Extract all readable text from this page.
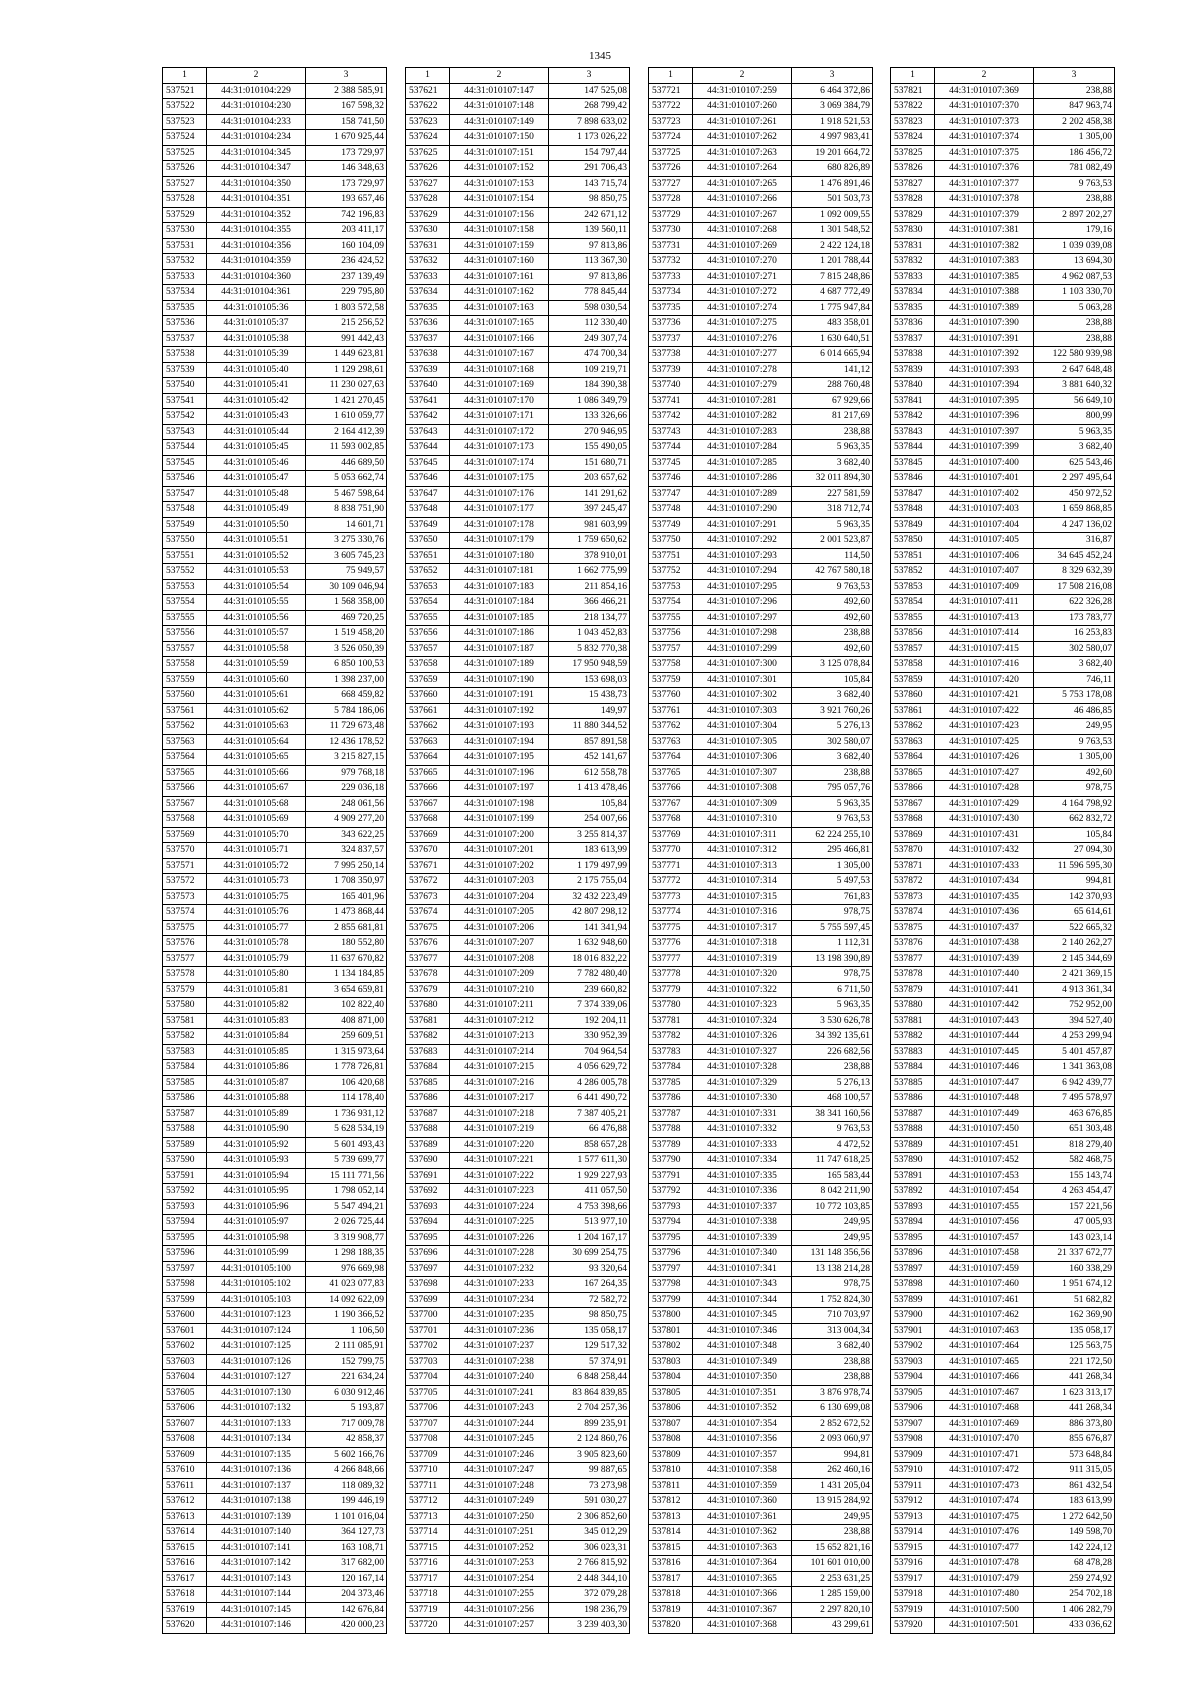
1345
1	2	3
537521	44:31:010104:229	2 388 585,91
537522	44:31:010104:230	167 598,32
537523	44:31:010104:233	158 741,50
537524	44:31:010104:234	1 670 925,44
537525	44:31:010104:345	173 729,97
537526	44:31:010104:347	146 348,63
537527	44:31:010104:350	173 729,97
537528	44:31:010104:351	193 657,46
537529	44:31:010104:352	742 196,83
537530	44:31:010104:355	203 411,17
537531	44:31:010104:356	160 104,09
537532	44:31:010104:359	236 424,52
537533	44:31:010104:360	237 139,49
537534	44:31:010104:361	229 795,80
537535	44:31:010105:36	1 803 572,58
537536	44:31:010105:37	215 256,52
537537	44:31:010105:38	991 442,43
537538	44:31:010105:39	1 449 623,81
537539	44:31:010105:40	1 129 298,61
537540	44:31:010105:41	11 230 027,63
537541	44:31:010105:42	1 421 270,45
537542	44:31:010105:43	1 610 059,77
537543	44:31:010105:44	2 164 412,39
537544	44:31:010105:45	11 593 002,85
537545	44:31:010105:46	446 689,50
537546	44:31:010105:47	5 053 662,74
537547	44:31:010105:48	5 467 598,64
537548	44:31:010105:49	8 838 751,90
537549	44:31:010105:50	14 601,71
537550	44:31:010105:51	3 275 330,76
537551	44:31:010105:52	3 605 745,23
537552	44:31:010105:53	75 949,57
537553	44:31:010105:54	30 109 046,94
537554	44:31:010105:55	1 568 358,00
537555	44:31:010105:56	469 720,25
537556	44:31:010105:57	1 519 458,20
537557	44:31:010105:58	3 526 050,39
537558	44:31:010105:59	6 850 100,53
537559	44:31:010105:60	1 398 237,00
537560	44:31:010105:61	668 459,82
537561	44:31:010105:62	5 784 186,06
537562	44:31:010105:63	11 729 673,48
537563	44:31:010105:64	12 436 178,52
537564	44:31:010105:65	3 215 827,15
537565	44:31:010105:66	979 768,18
537566	44:31:010105:67	229 036,18
537567	44:31:010105:68	248 061,56
537568	44:31:010105:69	4 909 277,20
537569	44:31:010105:70	343 622,25
537570	44:31:010105:71	324 837,57
537571	44:31:010105:72	7 995 250,14
537572	44:31:010105:73	1 708 350,97
537573	44:31:010105:75	165 401,96
537574	44:31:010105:76	1 473 868,44
537575	44:31:010105:77	2 855 681,81
537576	44:31:010105:78	180 552,80
537577	44:31:010105:79	11 637 670,82
537578	44:31:010105:80	1 134 184,85
537579	44:31:010105:81	3 654 659,81
537580	44:31:010105:82	102 822,40
537581	44:31:010105:83	408 871,00
537582	44:31:010105:84	259 609,51
537583	44:31:010105:85	1 315 973,64
537584	44:31:010105:86	1 778 726,81
537585	44:31:010105:87	106 420,68
537586	44:31:010105:88	114 178,40
537587	44:31:010105:89	1 736 931,12
537588	44:31:010105:90	5 628 534,19
537589	44:31:010105:92	5 601 493,43
537590	44:31:010105:93	5 739 699,77
537591	44:31:010105:94	15 111 771,56
537592	44:31:010105:95	1 798 052,14
537593	44:31:010105:96	5 547 494,21
537594	44:31:010105:97	2 026 725,44
537595	44:31:010105:98	3 319 908,77
537596	44:31:010105:99	1 298 188,35
537597	44:31:010105:100	976 669,98
537598	44:31:010105:102	41 023 077,83
537599	44:31:010105:103	14 092 622,09
537600	44:31:010107:123	1 190 366,52
537601	44:31:010107:124	1 106,50
537602	44:31:010107:125	2 111 085,91
537603	44:31:010107:126	152 799,75
537604	44:31:010107:127	221 634,24
537605	44:31:010107:130	6 030 912,46
537606	44:31:010107:132	5 193,87
537607	44:31:010107:133	717 009,78
537608	44:31:010107:134	42 858,37
537609	44:31:010107:135	5 602 166,76
537610	44:31:010107:136	4 266 848,66
537611	44:31:010107:137	118 089,32
537612	44:31:010107:138	199 446,19
537613	44:31:010107:139	1 101 016,04
537614	44:31:010107:140	364 127,73
537615	44:31:010107:141	163 108,71
537616	44:31:010107:142	317 682,00
537617	44:31:010107:143	120 167,14
537618	44:31:010107:144	204 373,46
537619	44:31:010107:145	142 676,84
537620	44:31:010107:146	420 000,23
1	2	3
537621	44:31:010107:147	147 525,08
537622	44:31:010107:148	268 799,42
537623	44:31:010107:149	7 898 633,02
537624	44:31:010107:150	1 173 026,22
537625	44:31:010107:151	154 797,44
537626	44:31:010107:152	291 706,43
537627	44:31:010107:153	143 715,74
537628	44:31:010107:154	98 850,75
537629	44:31:010107:156	242 671,12
537630	44:31:010107:158	139 560,11
537631	44:31:010107:159	97 813,86
537632	44:31:010107:160	113 367,30
537633	44:31:010107:161	97 813,86
537634	44:31:010107:162	778 845,44
537635	44:31:010107:163	598 030,54
537636	44:31:010107:165	112 330,40
537637	44:31:010107:166	249 307,74
537638	44:31:010107:167	474 700,34
537639	44:31:010107:168	109 219,71
537640	44:31:010107:169	184 390,38
537641	44:31:010107:170	1 086 349,79
537642	44:31:010107:171	133 326,66
537643	44:31:010107:172	270 946,95
537644	44:31:010107:173	155 490,05
537645	44:31:010107:174	151 680,71
537646	44:31:010107:175	203 657,62
537647	44:31:010107:176	141 291,62
537648	44:31:010107:177	397 245,47
537649	44:31:010107:178	981 603,99
537650	44:31:010107:179	1 759 650,62
537651	44:31:010107:180	378 910,01
537652	44:31:010107:181	1 662 775,99
537653	44:31:010107:183	211 854,16
537654	44:31:010107:184	366 466,21
537655	44:31:010107:185	218 134,77
537656	44:31:010107:186	1 043 452,83
537657	44:31:010107:187	5 832 770,38
537658	44:31:010107:189	17 950 948,59
537659	44:31:010107:190	153 698,03
537660	44:31:010107:191	15 438,73
537661	44:31:010107:192	149,97
537662	44:31:010107:193	11 880 344,52
537663	44:31:010107:194	857 891,58
537664	44:31:010107:195	452 141,67
537665	44:31:010107:196	612 558,78
537666	44:31:010107:197	1 413 478,46
537667	44:31:010107:198	105,84
537668	44:31:010107:199	254 007,66
537669	44:31:010107:200	3 255 814,37
537670	44:31:010107:201	183 613,99
537671	44:31:010107:202	1 179 497,99
537672	44:31:010107:203	2 175 755,04
537673	44:31:010107:204	32 432 223,49
537674	44:31:010107:205	42 807 298,12
537675	44:31:010107:206	141 341,94
537676	44:31:010107:207	1 632 948,60
537677	44:31:010107:208	18 016 832,22
537678	44:31:010107:209	7 782 480,40
537679	44:31:010107:210	239 660,82
537680	44:31:010107:211	7 374 339,06
537681	44:31:010107:212	192 204,11
537682	44:31:010107:213	330 952,39
537683	44:31:010107:214	704 964,54
537684	44:31:010107:215	4 056 629,72
537685	44:31:010107:216	4 286 005,78
537686	44:31:010107:217	6 441 490,72
537687	44:31:010107:218	7 387 405,21
537688	44:31:010107:219	66 476,88
537689	44:31:010107:220	858 657,28
537690	44:31:010107:221	1 577 611,30
537691	44:31:010107:222	1 929 227,93
537692	44:31:010107:223	411 057,50
537693	44:31:010107:224	4 753 398,66
537694	44:31:010107:225	513 977,10
537695	44:31:010107:226	1 204 167,17
537696	44:31:010107:228	30 699 254,75
537697	44:31:010107:232	93 320,64
537698	44:31:010107:233	167 264,35
537699	44:31:010107:234	72 582,72
537700	44:31:010107:235	98 850,75
537701	44:31:010107:236	135 058,17
537702	44:31:010107:237	129 517,32
537703	44:31:010107:238	57 374,91
537704	44:31:010107:240	6 848 258,44
537705	44:31:010107:241	83 864 839,85
537706	44:31:010107:243	2 704 257,36
537707	44:31:010107:244	899 235,91
537708	44:31:010107:245	2 124 860,76
537709	44:31:010107:246	3 905 823,60
537710	44:31:010107:247	99 887,65
537711	44:31:010107:248	73 273,98
537712	44:31:010107:249	591 030,27
537713	44:31:010107:250	2 306 852,60
537714	44:31:010107:251	345 012,29
537715	44:31:010107:252	306 023,31
537716	44:31:010107:253	2 766 815,92
537717	44:31:010107:254	2 448 344,10
537718	44:31:010107:255	372 079,28
537719	44:31:010107:256	198 236,79
537720	44:31:010107:257	3 239 403,30
1	2	3
537721	44:31:010107:259	6 464 372,86
537722	44:31:010107:260	3 069 384,79
537723	44:31:010107:261	1 918 521,53
537724	44:31:010107:262	4 997 983,41
537725	44:31:010107:263	19 201 664,72
537726	44:31:010107:264	680 826,89
537727	44:31:010107:265	1 476 891,46
537728	44:31:010107:266	501 503,73
537729	44:31:010107:267	1 092 009,55
537730	44:31:010107:268	1 301 548,52
537731	44:31:010107:269	2 422 124,18
537732	44:31:010107:270	1 201 788,44
537733	44:31:010107:271	7 815 248,86
537734	44:31:010107:272	4 687 772,49
537735	44:31:010107:274	1 775 947,84
537736	44:31:010107:275	483 358,01
537737	44:31:010107:276	1 630 640,51
537738	44:31:010107:277	6 014 665,94
537739	44:31:010107:278	141,12
537740	44:31:010107:279	288 760,48
537741	44:31:010107:281	67 929,66
537742	44:31:010107:282	81 217,69
537743	44:31:010107:283	238,88
537744	44:31:010107:284	5 963,35
537745	44:31:010107:285	3 682,40
537746	44:31:010107:286	32 011 894,30
537747	44:31:010107:289	227 581,59
537748	44:31:010107:290	318 712,74
537749	44:31:010107:291	5 963,35
537750	44:31:010107:292	2 001 523,87
537751	44:31:010107:293	114,50
537752	44:31:010107:294	42 767 580,18
537753	44:31:010107:295	9 763,53
537754	44:31:010107:296	492,60
537755	44:31:010107:297	492,60
537756	44:31:010107:298	238,88
537757	44:31:010107:299	492,60
537758	44:31:010107:300	3 125 078,84
537759	44:31:010107:301	105,84
537760	44:31:010107:302	3 682,40
537761	44:31:010107:303	3 921 760,26
537762	44:31:010107:304	5 276,13
537763	44:31:010107:305	302 580,07
537764	44:31:010107:306	3 682,40
537765	44:31:010107:307	238,88
537766	44:31:010107:308	795 057,76
537767	44:31:010107:309	5 963,35
537768	44:31:010107:310	9 763,53
537769	44:31:010107:311	62 224 255,10
537770	44:31:010107:312	295 466,81
537771	44:31:010107:313	1 305,00
537772	44:31:010107:314	5 497,53
537773	44:31:010107:315	761,83
537774	44:31:010107:316	978,75
537775	44:31:010107:317	5 755 597,45
537776	44:31:010107:318	1 112,31
537777	44:31:010107:319	13 198 390,89
537778	44:31:010107:320	978,75
537779	44:31:010107:322	6 711,50
537780	44:31:010107:323	5 963,35
537781	44:31:010107:324	3 530 626,78
537782	44:31:010107:326	34 392 135,61
537783	44:31:010107:327	226 682,56
537784	44:31:010107:328	238,88
537785	44:31:010107:329	5 276,13
537786	44:31:010107:330	468 100,57
537787	44:31:010107:331	38 341 160,56
537788	44:31:010107:332	9 763,53
537789	44:31:010107:333	4 472,52
537790	44:31:010107:334	11 747 618,25
537791	44:31:010107:335	165 583,44
537792	44:31:010107:336	8 042 211,90
537793	44:31:010107:337	10 772 103,85
537794	44:31:010107:338	249,95
537795	44:31:010107:339	249,95
537796	44:31:010107:340	131 148 356,56
537797	44:31:010107:341	13 138 214,28
537798	44:31:010107:343	978,75
537799	44:31:010107:344	1 752 824,30
537800	44:31:010107:345	710 703,97
537801	44:31:010107:346	313 004,34
537802	44:31:010107:348	3 682,40
537803	44:31:010107:349	238,88
537804	44:31:010107:350	238,88
537805	44:31:010107:351	3 876 978,74
537806	44:31:010107:352	6 130 699,08
537807	44:31:010107:354	2 852 672,52
537808	44:31:010107:356	2 093 060,97
537809	44:31:010107:357	994,81
537810	44:31:010107:358	262 460,16
537811	44:31:010107:359	1 431 205,04
537812	44:31:010107:360	13 915 284,92
537813	44:31:010107:361	249,95
537814	44:31:010107:362	238,88
537815	44:31:010107:363	15 652 821,16
537816	44:31:010107:364	101 601 010,00
537817	44:31:010107:365	2 253 631,25
537818	44:31:010107:366	1 285 159,00
537819	44:31:010107:367	2 297 820,10
537820	44:31:010107:368	43 299,61
1	2	3
537821	44:31:010107:369	238,88
537822	44:31:010107:370	847 963,74
537823	44:31:010107:373	2 202 458,38
537824	44:31:010107:374	1 305,00
537825	44:31:010107:375	186 456,72
537826	44:31:010107:376	781 082,49
537827	44:31:010107:377	9 763,53
537828	44:31:010107:378	238,88
537829	44:31:010107:379	2 897 202,27
537830	44:31:010107:381	179,16
537831	44:31:010107:382	1 039 039,08
537832	44:31:010107:383	13 694,30
537833	44:31:010107:385	4 962 087,53
537834	44:31:010107:388	1 103 330,70
537835	44:31:010107:389	5 063,28
537836	44:31:010107:390	238,88
537837	44:31:010107:391	238,88
537838	44:31:010107:392	122 580 939,98
537839	44:31:010107:393	2 647 648,48
537840	44:31:010107:394	3 881 640,32
537841	44:31:010107:395	56 649,10
537842	44:31:010107:396	800,99
537843	44:31:010107:397	5 963,35
537844	44:31:010107:399	3 682,40
537845	44:31:010107:400	625 543,46
537846	44:31:010107:401	2 297 495,64
537847	44:31:010107:402	450 972,52
537848	44:31:010107:403	1 659 868,85
537849	44:31:010107:404	4 247 136,02
537850	44:31:010107:405	316,87
537851	44:31:010107:406	34 645 452,24
537852	44:31:010107:407	8 329 632,39
537853	44:31:010107:409	17 508 216,08
537854	44:31:010107:411	622 326,28
537855	44:31:010107:413	173 783,77
537856	44:31:010107:414	16 253,83
537857	44:31:010107:415	302 580,07
537858	44:31:010107:416	3 682,40
537859	44:31:010107:420	746,11
537860	44:31:010107:421	5 753 178,08
537861	44:31:010107:422	46 486,85
537862	44:31:010107:423	249,95
537863	44:31:010107:425	9 763,53
537864	44:31:010107:426	1 305,00
537865	44:31:010107:427	492,60
537866	44:31:010107:428	978,75
537867	44:31:010107:429	4 164 798,92
537868	44:31:010107:430	662 832,72
537869	44:31:010107:431	105,84
537870	44:31:010107:432	27 094,30
537871	44:31:010107:433	11 596 595,30
537872	44:31:010107:434	994,81
537873	44:31:010107:435	142 370,93
537874	44:31:010107:436	65 614,61
537875	44:31:010107:437	522 665,32
537876	44:31:010107:438	2 140 262,27
537877	44:31:010107:439	2 145 344,69
537878	44:31:010107:440	2 421 369,15
537879	44:31:010107:441	4 913 361,34
537880	44:31:010107:442	752 952,00
537881	44:31:010107:443	394 527,40
537882	44:31:010107:444	4 253 299,94
537883	44:31:010107:445	5 401 457,87
537884	44:31:010107:446	1 341 363,08
537885	44:31:010107:447	6 942 439,77
537886	44:31:010107:448	7 495 578,97
537887	44:31:010107:449	463 676,85
537888	44:31:010107:450	651 303,48
537889	44:31:010107:451	818 279,40
537890	44:31:010107:452	582 468,75
537891	44:31:010107:453	155 143,74
537892	44:31:010107:454	4 263 454,47
537893	44:31:010107:455	157 221,56
537894	44:31:010107:456	47 005,93
537895	44:31:010107:457	143 023,14
537896	44:31:010107:458	21 337 672,77
537897	44:31:010107:459	160 338,29
537898	44:31:010107:460	1 951 674,12
537899	44:31:010107:461	51 682,82
537900	44:31:010107:462	162 369,90
537901	44:31:010107:463	135 058,17
537902	44:31:010107:464	125 563,75
537903	44:31:010107:465	221 172,50
537904	44:31:010107:466	441 268,34
537905	44:31:010107:467	1 623 313,17
537906	44:31:010107:468	441 268,34
537907	44:31:010107:469	886 373,80
537908	44:31:010107:470	855 676,87
537909	44:31:010107:471	573 648,84
537910	44:31:010107:472	911 315,05
537911	44:31:010107:473	861 432,54
537912	44:31:010107:474	183 613,99
537913	44:31:010107:475	1 272 642,50
537914	44:31:010107:476	149 598,70
537915	44:31:010107:477	142 224,12
537916	44:31:010107:478	68 478,28
537917	44:31:010107:479	259 274,92
537918	44:31:010107:480	254 702,18
537919	44:31:010107:500	1 406 282,79
537920	44:31:010107:501	433 036,62
